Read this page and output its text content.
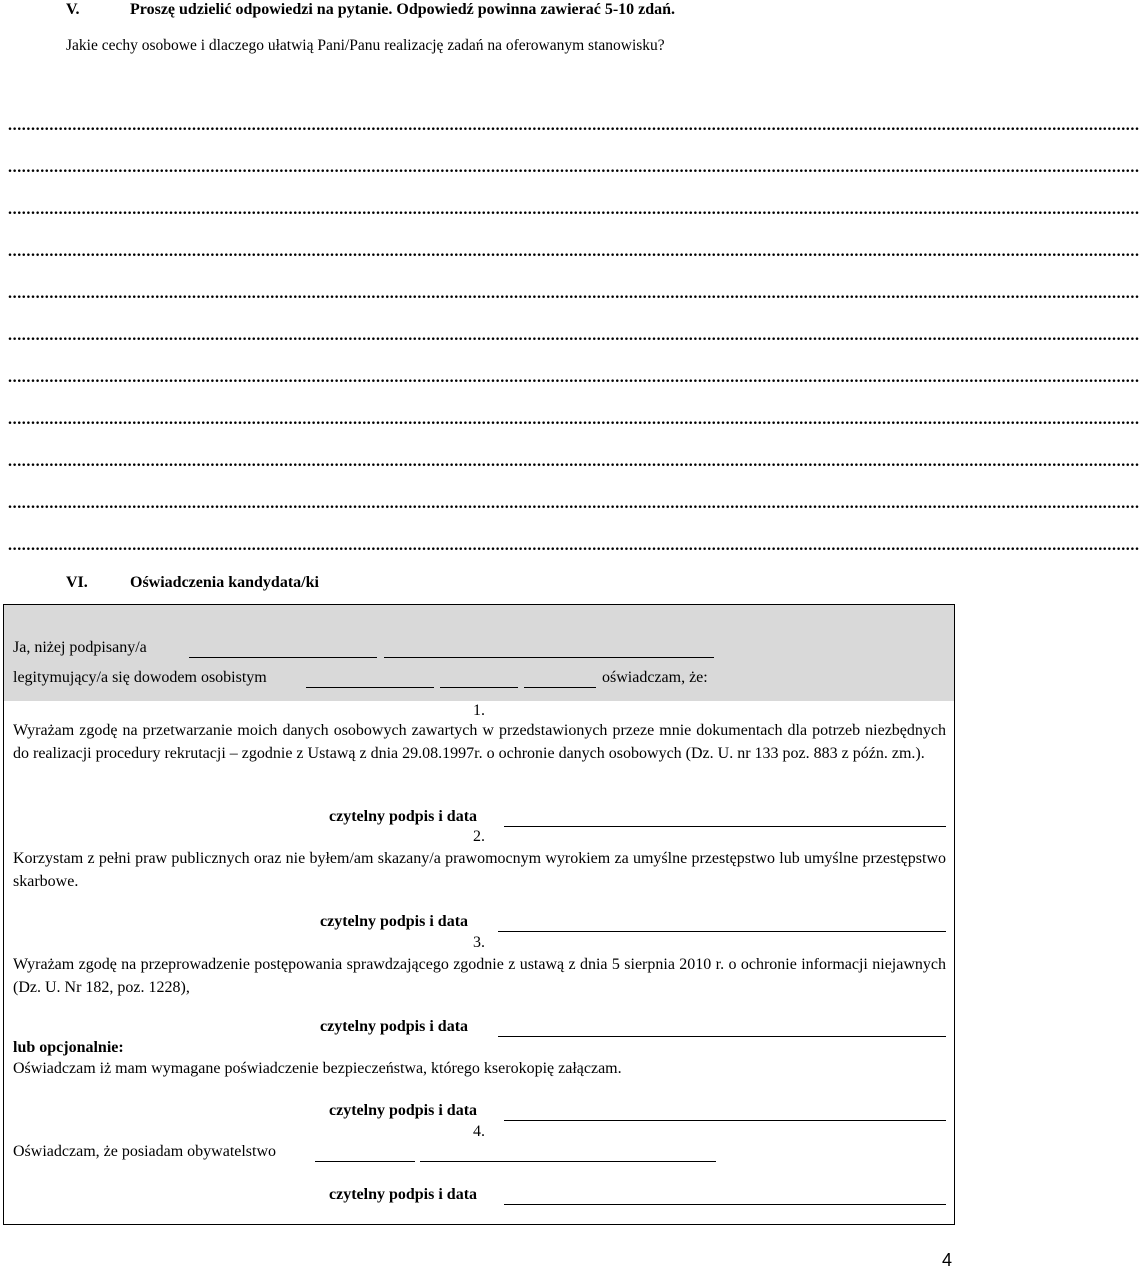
V.	Proszę udzielić odpowiedzi na pytanie. Odpowiedź powinna zawierać 5-10 zdań.
Jakie cechy osobowe i dlaczego ułatwią Pani/Panu realizację zadań na oferowanym stanowisku?
......................................................................................................................................................................................................................................................
......................................................................................................................................................................................................................................................
......................................................................................................................................................................................................................................................
......................................................................................................................................................................................................................................................
......................................................................................................................................................................................................................................................
......................................................................................................................................................................................................................................................
......................................................................................................................................................................................................................................................
......................................................................................................................................................................................................................................................
......................................................................................................................................................................................................................................................
......................................................................................................................................................................................................................................................
......................................................................................................................................................................................................................................................
VI.	Oświadczenia kandydata/ki
Ja, niżej podpisany/a
legitymujący/a się dowodem osobistym	oświadczam, że:
1.
Wyrażam zgodę na przetwarzanie moich danych osobowych zawartych w przedstawionych przeze mnie dokumentach dla potrzeb niezbędnych do realizacji procedury rekrutacji – zgodnie z Ustawą z dnia 29.08.1997r. o ochronie danych osobowych (Dz. U. nr 133 poz. 883 z późn. zm.).
czytelny podpis i data
2.
Korzystam z pełni praw publicznych oraz nie byłem/am skazany/a prawomocnym wyrokiem za umyślne przestępstwo lub umyślne przestępstwo skarbowe.
czytelny podpis i data
3.
Wyrażam zgodę na przeprowadzenie postępowania sprawdzającego zgodnie z ustawą z dnia 5 sierpnia 2010 r. o ochronie informacji niejawnych (Dz. U. Nr 182, poz. 1228),
czytelny podpis i data
lub opcjonalnie:
Oświadczam iż mam wymagane poświadczenie bezpieczeństwa, którego kserokopię załączam.
czytelny podpis i data
4.
Oświadczam, że posiadam obywatelstwo
czytelny podpis i data
4
